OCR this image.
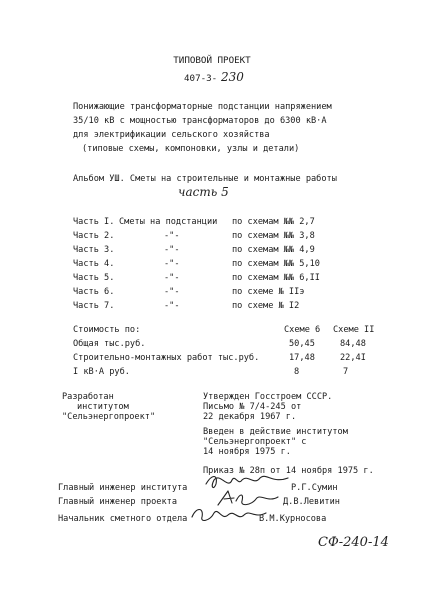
ТИПОВОЙ ПРОЕКТ
407-3- 230
Понижающие трансформаторные подстанции напряжением
35/10 кВ с мощностью трансформаторов до 6300 кВ·А
для электрификации сельского хозяйства
(типовые схемы, компоновки, узлы и детали)
Альбом УШ. Сметы на строительные и монтажные работы
часть 5
Часть I. Сметы на подстанции по схемам №№ 2,7
Часть 2.	-"-	по схемам №№ 3,8
Часть 3.	-"-	по схемам №№ 4,9
Часть 4.	-"-	по схемам №№ 5,10
Часть 5.	-"-	по схемам №№ 6,II
Часть 6.	-"-	по схеме № IIэ
Часть 7.	-"-	по схеме № I2
Стоимость по:	Схеме 6 Схеме II
Общая тыс.руб.	50,45	84,48
Строительно-монтажных работ тыс.руб.	17,48	22,4I
I кВ·А руб.	8	7
Разработан
институтом
"Сельэнергопроект"
Утвержден Госстроем СССР.
Письмо № 7/4-245 от
22 декабря 1967 г.
Введен в действие институтом
"Сельэнергопроект" с
14 ноября 1975 г.
Приказ № 28п от 14 ноября 1975 г.
Главный инженер института	Р.Г.Сумин
Главный инженер проекта	Д.В.Левитин
Начальник сметного отдела	В.М.Курносова
СФ-240-14
